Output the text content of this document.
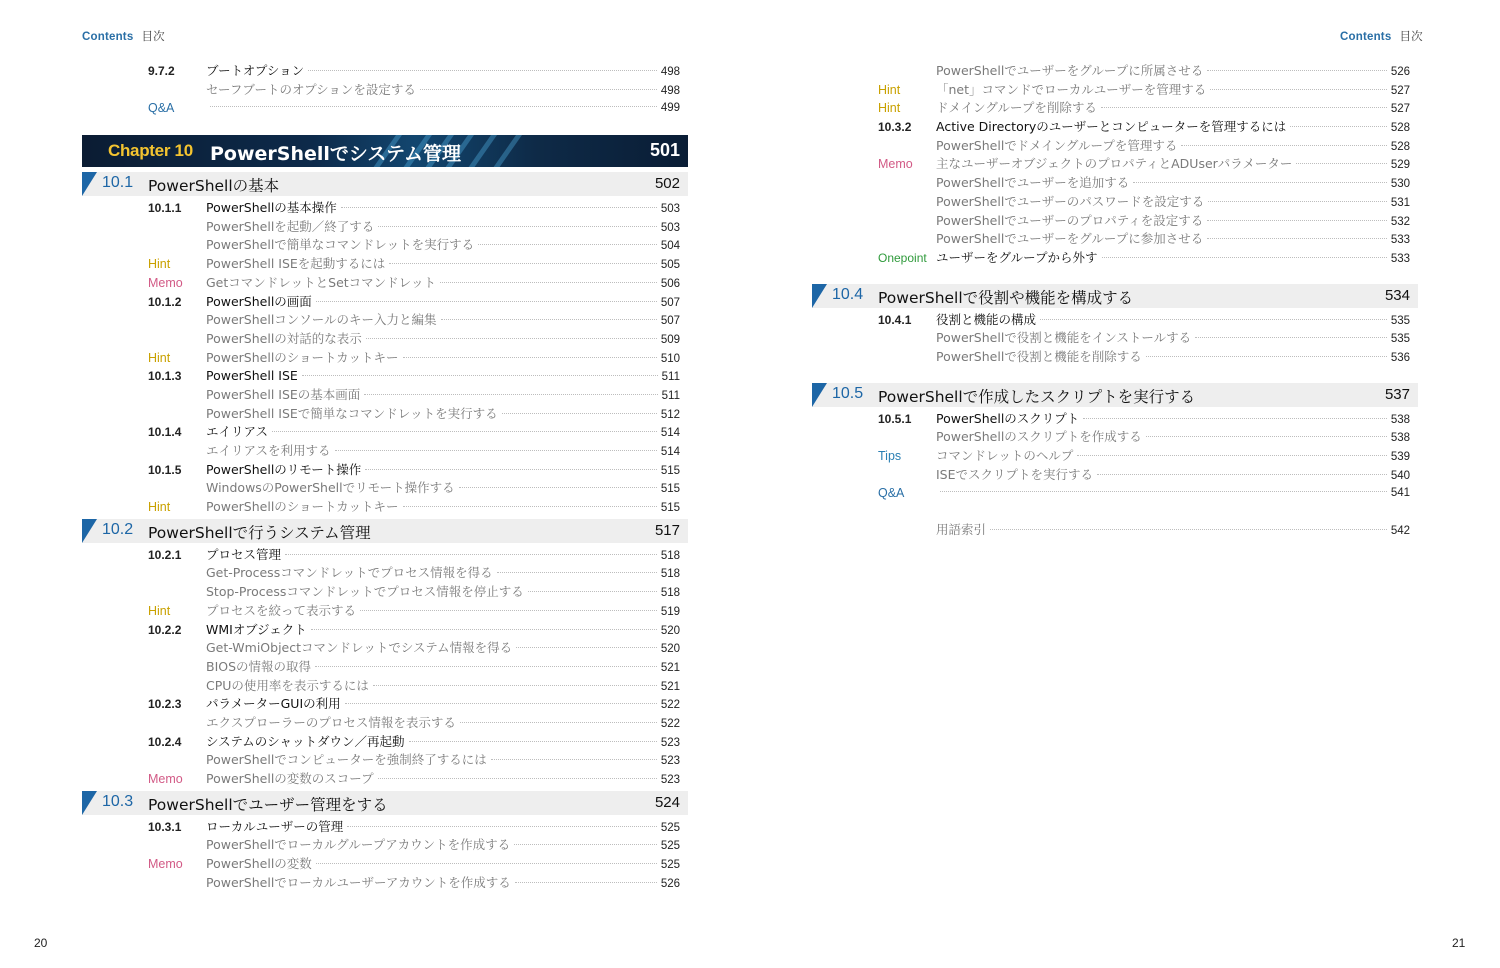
Contents 目次
9.7.2	ブートオプション	498
セーフブートのオプションを設定する	498
Q&A	499
Chapter 10 PowerShellでシステム管理	501
10.1 PowerShellの基本	502
10.1.1	PowerShellの基本操作	503
PowerShellを起動／終了する	503
PowerShellで簡単なコマンドレットを実行する	504
Hint	PowerShell ISEを起動するには	505
Memo	GetコマンドレットとSetコマンドレット	506
10.1.2	PowerShellの画面	507
PowerShellコンソールのキー入力と編集	507
PowerShellの対話的な表示	509
Hint	PowerShellのショートカットキー	510
10.1.3	PowerShell ISE	511
PowerShell ISEの基本画面	511
PowerShell ISEで簡単なコマンドレットを実行する	512
10.1.4	エイリアス	514
エイリアスを利用する	514
10.1.5	PowerShellのリモート操作	515
WindowsのPowerShellでリモート操作する	515
Hint	PowerShellのショートカットキー	515
10.2 PowerShellで行うシステム管理	517
10.2.1	プロセス管理	518
Get-Processコマンドレットでプロセス情報を得る	518
Stop-Processコマンドレットでプロセス情報を停止する	518
Hint	プロセスを絞って表示する	519
10.2.2	WMIオブジェクト	520
Get-WmiObjectコマンドレットでシステム情報を得る	520
BIOSの情報の取得	521
CPUの使用率を表示するには	521
10.2.3	パラメーターGUIの利用	522
エクスプローラーのプロセス情報を表示する	522
10.2.4	システムのシャットダウン／再起動	523
PowerShellでコンピューターを強制終了するには	523
Memo	PowerShellの変数のスコープ	523
10.3 PowerShellでユーザー管理をする	524
10.3.1	ローカルユーザーの管理	525
PowerShellでローカルグループアカウントを作成する	525
Memo	PowerShellの変数	525
PowerShellでローカルユーザーアカウントを作成する	526
20
Contents 目次
PowerShellでユーザーをグループに所属させる	526
Hint	「net」コマンドでローカルユーザーを管理する	527
Hint	ドメイングループを削除する	527
10.3.2	Active Directoryのユーザーとコンピューターを管理するには	528
PowerShellでドメイングループを管理する	528
Memo	主なユーザーオブジェクトのプロパティとADUserパラメーター	529
PowerShellでユーザーを追加する	530
PowerShellでユーザーのパスワードを設定する	531
PowerShellでユーザーのプロパティを設定する	532
PowerShellでユーザーをグループに参加させる	533
Onepoint ユーザーをグループから外す	533
10.4 PowerShellで役割や機能を構成する	534
10.4.1	役割と機能の構成	535
PowerShellで役割と機能をインストールする	535
PowerShellで役割と機能を削除する	536
10.5 PowerShellで作成したスクリプトを実行する	537
10.5.1	PowerShellのスクリプト	538
PowerShellのスクリプトを作成する	538
Tips	コマンドレットのヘルプ	539
ISEでスクリプトを実行する	540
Q&A	541
用語索引	542
21
